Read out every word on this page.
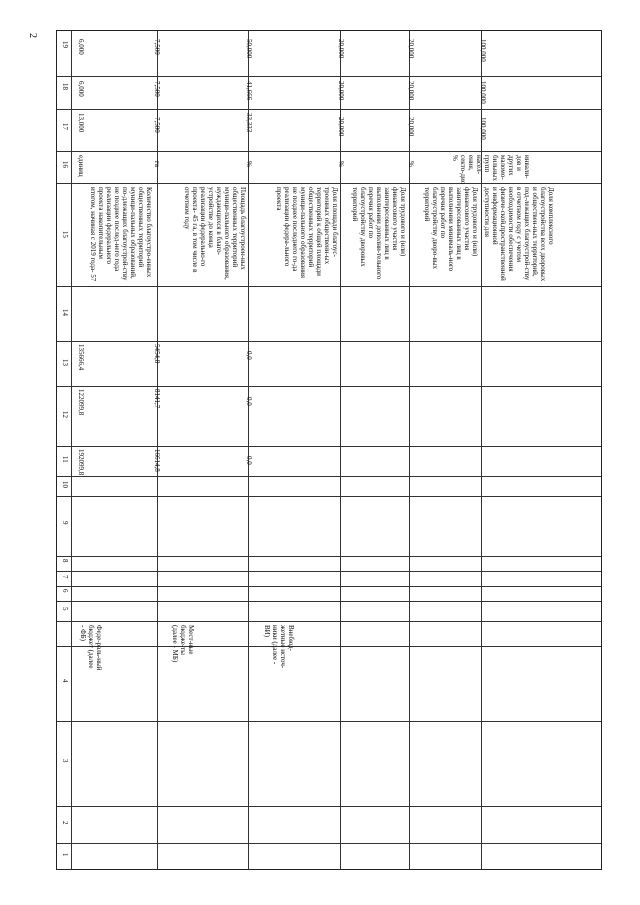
2
19
18
17
16
15
14
13
12
11
10
9
8
7
6
5
4
3
2
1
6,000
6,000
13,000
единиц
Количество благоустро-енных общественных территорий муници-пальных образований, по-длежащих благоустрой-ству не позднее послед-него года реализации федерального проекта накопительным итогом, начиная с 2019 года- 57
135666,4
122099,8
192099,8
Феде-раль-ный бюджет (далее - ФБ)
7,500
7,500
7,500
га
Площадь благоустроен-ных общественных территорий муници-пального образования, нуждающихся в благо-устройстве до конца реализации федерально-го проекта- 45 га, в том числе в отчетном году
5454,8
8141,7
16614,8
Мест-ные бюдже-ты (далее - МБ)
50,000
41,666
33,333
%
Доля площади благоус-троенных общественн-ых территорий к общей площади общественных территорий муници-пального образования не позднее последнего го-да реализации федера-льного проекта
0,0
0,0
0,0
Внебюд-жетные источ-ники (далее - ВИ)
20,000
20,000
20,000
%
Доля трудового и (или) финансового участия заинтересованных лиц в выполнении дополни-тельного перечня работ по благоустройству дворовых территорий
20,000
20,000
20,000
%
Доля трудового и (или) финансового участия заинтересованных лиц в выполнении минималь-ного перечня работ по благоустройству дворо-вых территорий
100,000
100,000
100,000
инвали-дов и других маломо-бильных групп насел-ения, секто-дио %
Доля комплексного благоустройства всех дворовых и обществен-ных территорий, под-лежащих благоустрой-ству в отчетном году с учетом необходимости обеспечения физиче-ской,пространственной и информационной доступности для
